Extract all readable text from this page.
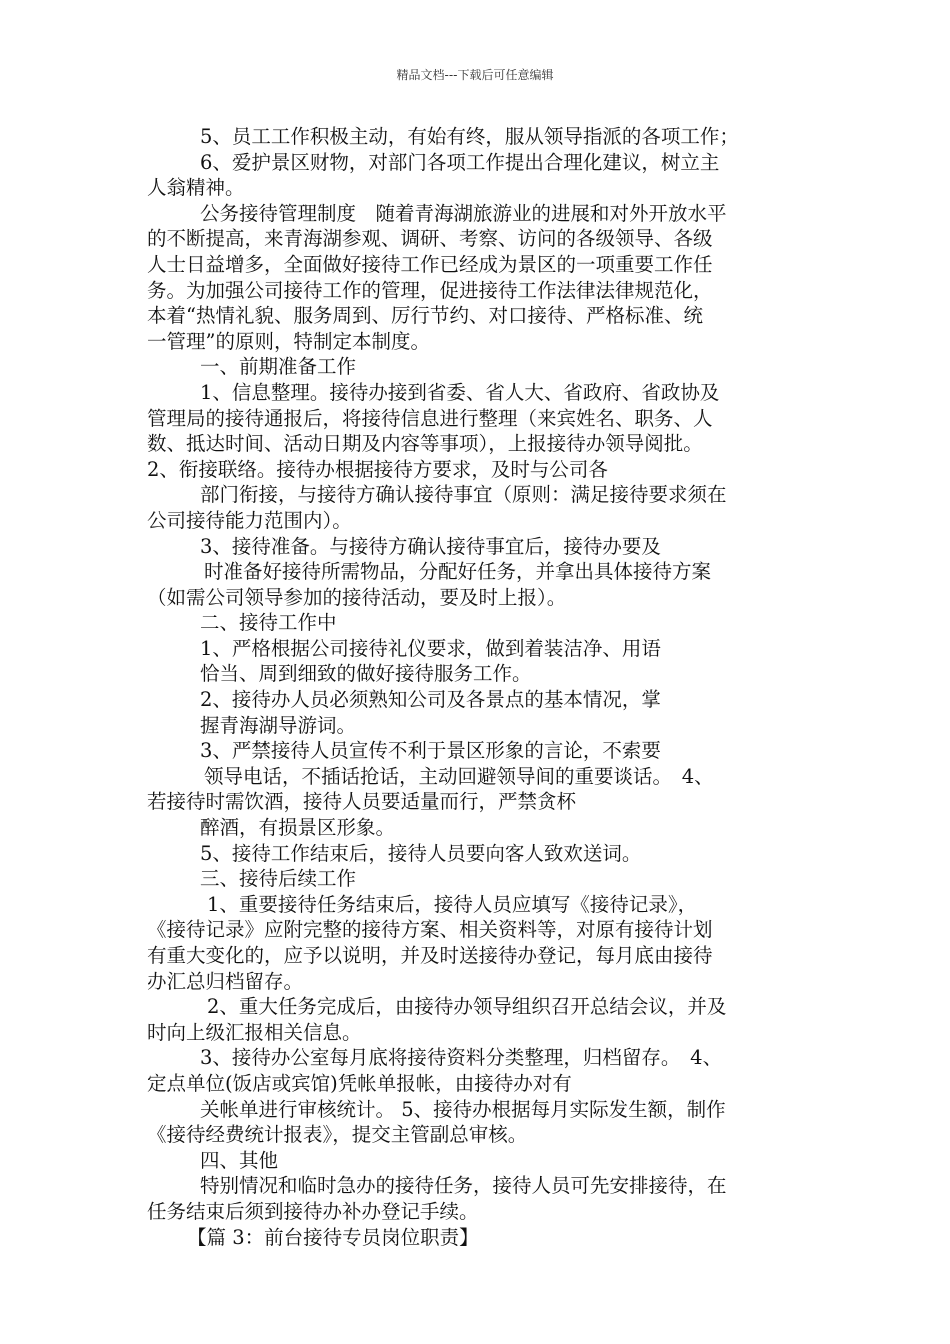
精品文档---下载后可任意编辑

5、员工工作积极主动，有始有终，服从领导指派的各项工作；

6、爱护景区财物，对部门各项工作提出合理化建议，树立主

人翁精神。

公务接待管理制度　随着青海湖旅游业的进展和对外开放水平

的不断提高，来青海湖参观、调研、考察、访问的各级领导、各级

人士日益增多，全面做好接待工作已经成为景区的一项重要工作任

务。为加强公司接待工作的管理，促进接待工作法律法律规范化，

本着“热情礼貌、服务周到、厉行节约、对口接待、严格标准、统

一管理”的原则，特制定本制度。

一、前期准备工作

1、信息整理。接待办接到省委、省人大、省政府、省政协及

管理局的接待通报后，将接待信息进行整理（来宾姓名、职务、人

数、抵达时间、活动日期及内容等事项），上报接待办领导阅批。

2、衔接联络。接待办根据接待方要求，及时与公司各

部门衔接，与接待方确认接待事宜（原则：满足接待要求须在

公司接待能力范围内）。

3、接待准备。与接待方确认接待事宜后，接待办要及

时准备好接待所需物品，分配好任务，并拿出具体接待方案

（如需公司领导参加的接待活动，要及时上报）。

二、接待工作中

1、严格根据公司接待礼仪要求，做到着装洁净、用语

恰当、周到细致的做好接待服务工作。

2、接待办人员必须熟知公司及各景点的基本情况，掌

握青海湖导游词。

3、严禁接待人员宣传不利于景区形象的言论，不索要

领导电话，不插话抢话，主动回避领导间的重要谈话。　4、

若接待时需饮酒，接待人员要适量而行，严禁贪杯

醉酒，有损景区形象。

5、接待工作结束后，接待人员要向客人致欢送词。

三、接待后续工作

1、重要接待任务结束后，接待人员应填写《接待记录》，

《接待记录》应附完整的接待方案、相关资料等，对原有接待计划

有重大变化的，应予以说明，并及时送接待办登记，每月底由接待

办汇总归档留存。

2、重大任务完成后，由接待办领导组织召开总结会议，并及

时向上级汇报相关信息。

3、接待办公室每月底将接待资料分类整理，归档留存。　4、

定点单位(饭店或宾馆)凭帐单报帐，由接待办对有

关帐单进行审核统计。 5、接待办根据每月实际发生额，制作

《接待经费统计报表》，提交主管副总审核。

四、其他

特别情况和临时急办的接待任务，接待人员可先安排接待，在

任务结束后须到接待办补办登记手续。

【篇 3：前台接待专员岗位职责】
